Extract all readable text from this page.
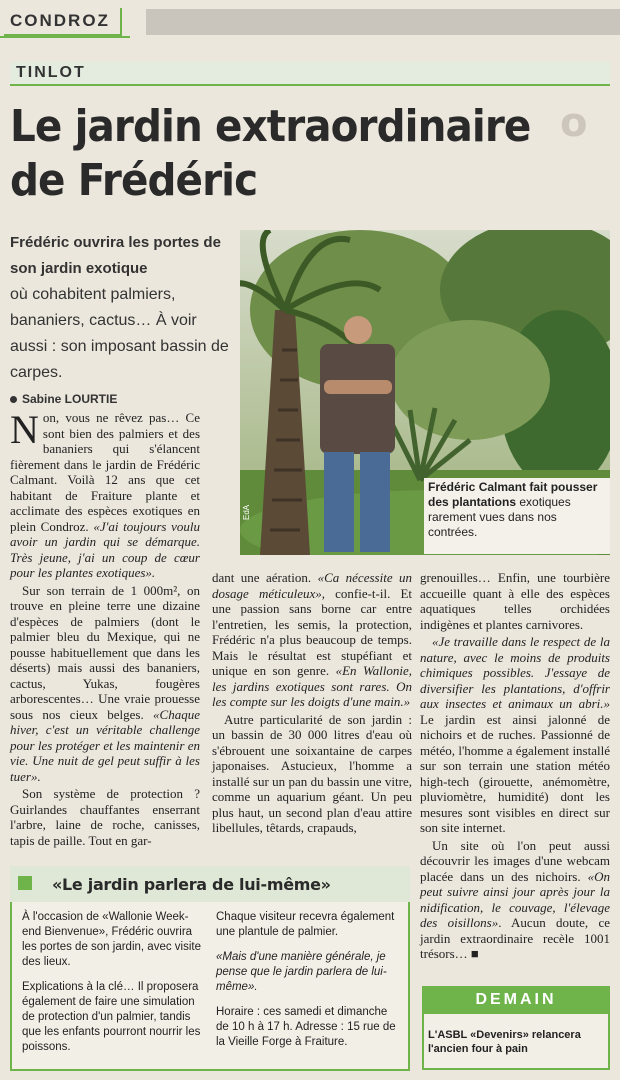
CONDROZ
TINLOT
o
Le jardin extraordinaire
de Frédéric

Frédéric ouvrira les portes de son jardin exotique

où cohabitent palmiers, bananiers, cactus… À voir aussi : son imposant bassin de carpes.

Sabine LOURTIE
EdA
Frédéric Calmant fait pousser des plantations exotiques rarement vues dans nos contrées.

Non, vous ne rêvez pas… Ce sont bien des palmiers et des bananiers qui s'élancent fièrement dans le jardin de Frédéric Calmant. Voilà 12 ans que cet habitant de Fraiture plante et acclimate des espèces exotiques en plein Condroz. «J'ai toujours voulu avoir un jardin qui se démarque. Très jeune, j'ai un coup de cœur pour les plantes exotiques».

Sur son terrain de 1 000m², on trouve en pleine terre une dizaine d'espèces de palmiers (dont le palmier bleu du Mexique, qui ne pousse habituellement que dans les déserts) mais aussi des bananiers, cactus, Yukas, fougères arborescentes… Une vraie prouesse sous nos cieux belges. «Chaque hiver, c'est un véritable challenge pour les protéger et les maintenir en vie. Une nuit de gel peut suffir à les tuer».

Son système de protection ? Guirlandes chauffantes enserrant l'arbre, laine de roche, canisses, tapis de paille. Tout en gar-

dant une aération. «Ca nécessite un dosage méticuleux», confie-t-il. Et une passion sans borne car entre l'entretien, les semis, la protection, Frédéric n'a plus beaucoup de temps. Mais le résultat est stupéfiant et unique en son genre. «En Wallonie, les jardins exotiques sont rares. On les compte sur les doigts d'une main.»

Autre particularité de son jardin : un bassin de 30 000 litres d'eau où s'ébrouent une soixantaine de carpes japonaises. Astucieux, l'homme a installé sur un pan du bassin une vitre, comme un aquarium géant. Un peu plus haut, un second plan d'eau attire libellules, têtards, crapauds,

grenouilles… Enfin, une tourbière accueille quant à elle des espèces aquatiques telles orchidées indigènes et plantes carnivores.

«Je travaille dans le respect de la nature, avec le moins de produits chimiques possibles. J'essaye de diversifier les plantations, d'offrir aux insectes et animaux un abri.» Le jardin est ainsi jalonné de nichoirs et de ruches. Passionné de météo, l'homme a également installé sur son terrain une station météo high-tech (girouette, anémomètre, pluviomètre, humidité) dont les mesures sont visibles en direct sur son site internet.

Un site où l'on peut aussi découvrir les images d'une webcam placée dans un des nichoirs. «On peut suivre ainsi jour après jour la nidification, le couvage, l'élevage des oisillons». Aucun doute, ce jardin extraordinaire recèle 1001 trésors… ■

«Le jardin parlera de lui-même»

À l'occasion de «Wallonie Week-end Bienvenue», Frédéric ouvrira les portes de son jardin, avec visite des lieux.

Explications à la clé… Il proposera également de faire une simulation de protection d'un palmier, tandis que les enfants pourront nourrir les poissons.

Chaque visiteur recevra également une plantule de palmier.

«Mais d'une manière générale, je pense que le jardin parlera de lui-même».

Horaire : ces samedi et dimanche de 10 h à 17 h. Adresse : 15 rue de la Vieille Forge à Fraiture.

DEMAIN
L'ASBL «Devenirs» relancera l'ancien four à pain
